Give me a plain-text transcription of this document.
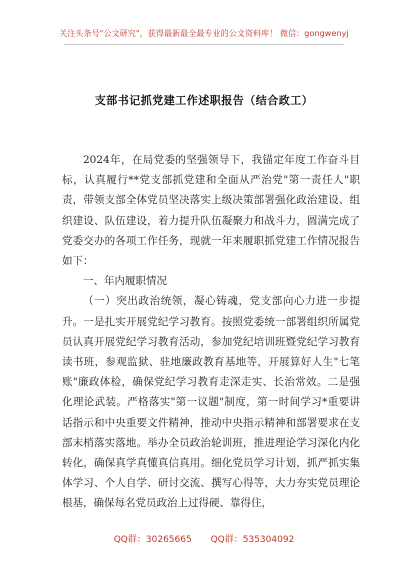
关注头条号"公文研究"，获得最新最全最专业的公文资料库！ 微信：gongwenyj
支部书记抓党建工作述职报告（结合政工）

2024年，在局党委的坚强领导下，我锚定年度工作奋斗目标，认真履行**党支部抓党建和全面从严治党"第一责任人"职责，带领支部全体党员坚决落实上级决策部署强化政治建设、组织建设、队伍建设，着力提升队伍凝聚力和战斗力，圆满完成了党委交办的各项工作任务，现就一年来履职抓党建工作情况报告如下：

一、年内履职情况

（一）突出政治统领，凝心铸魂，党支部向心力进一步提升。一是扎实开展党纪学习教育。按照党委统一部署组织所属党员认真开展党纪学习教育活动，参加党纪培训班暨党纪学习教育读书班，参观监狱、驻地廉政教育基地等，开展算好人生"七笔账"廉政体检，确保党纪学习教育走深走实、长治常效。二是强化理论武装。严格落实"第一议题"制度，第一时间学习*重要讲话指示和中央重要文件精神，推动中央指示精神和部署要求在支部末梢落实落地。举办全员政治轮训班，推进理论学习深化内化转化，确保真学真懂真信真用。细化党员学习计划，抓严抓实集体学习、个人自学、研讨交流、撰写心得等，大力夯实党员理论根基，确保每名党员政治上过得硬、靠得住，

QQ群：30265665 QQ群：535304092
